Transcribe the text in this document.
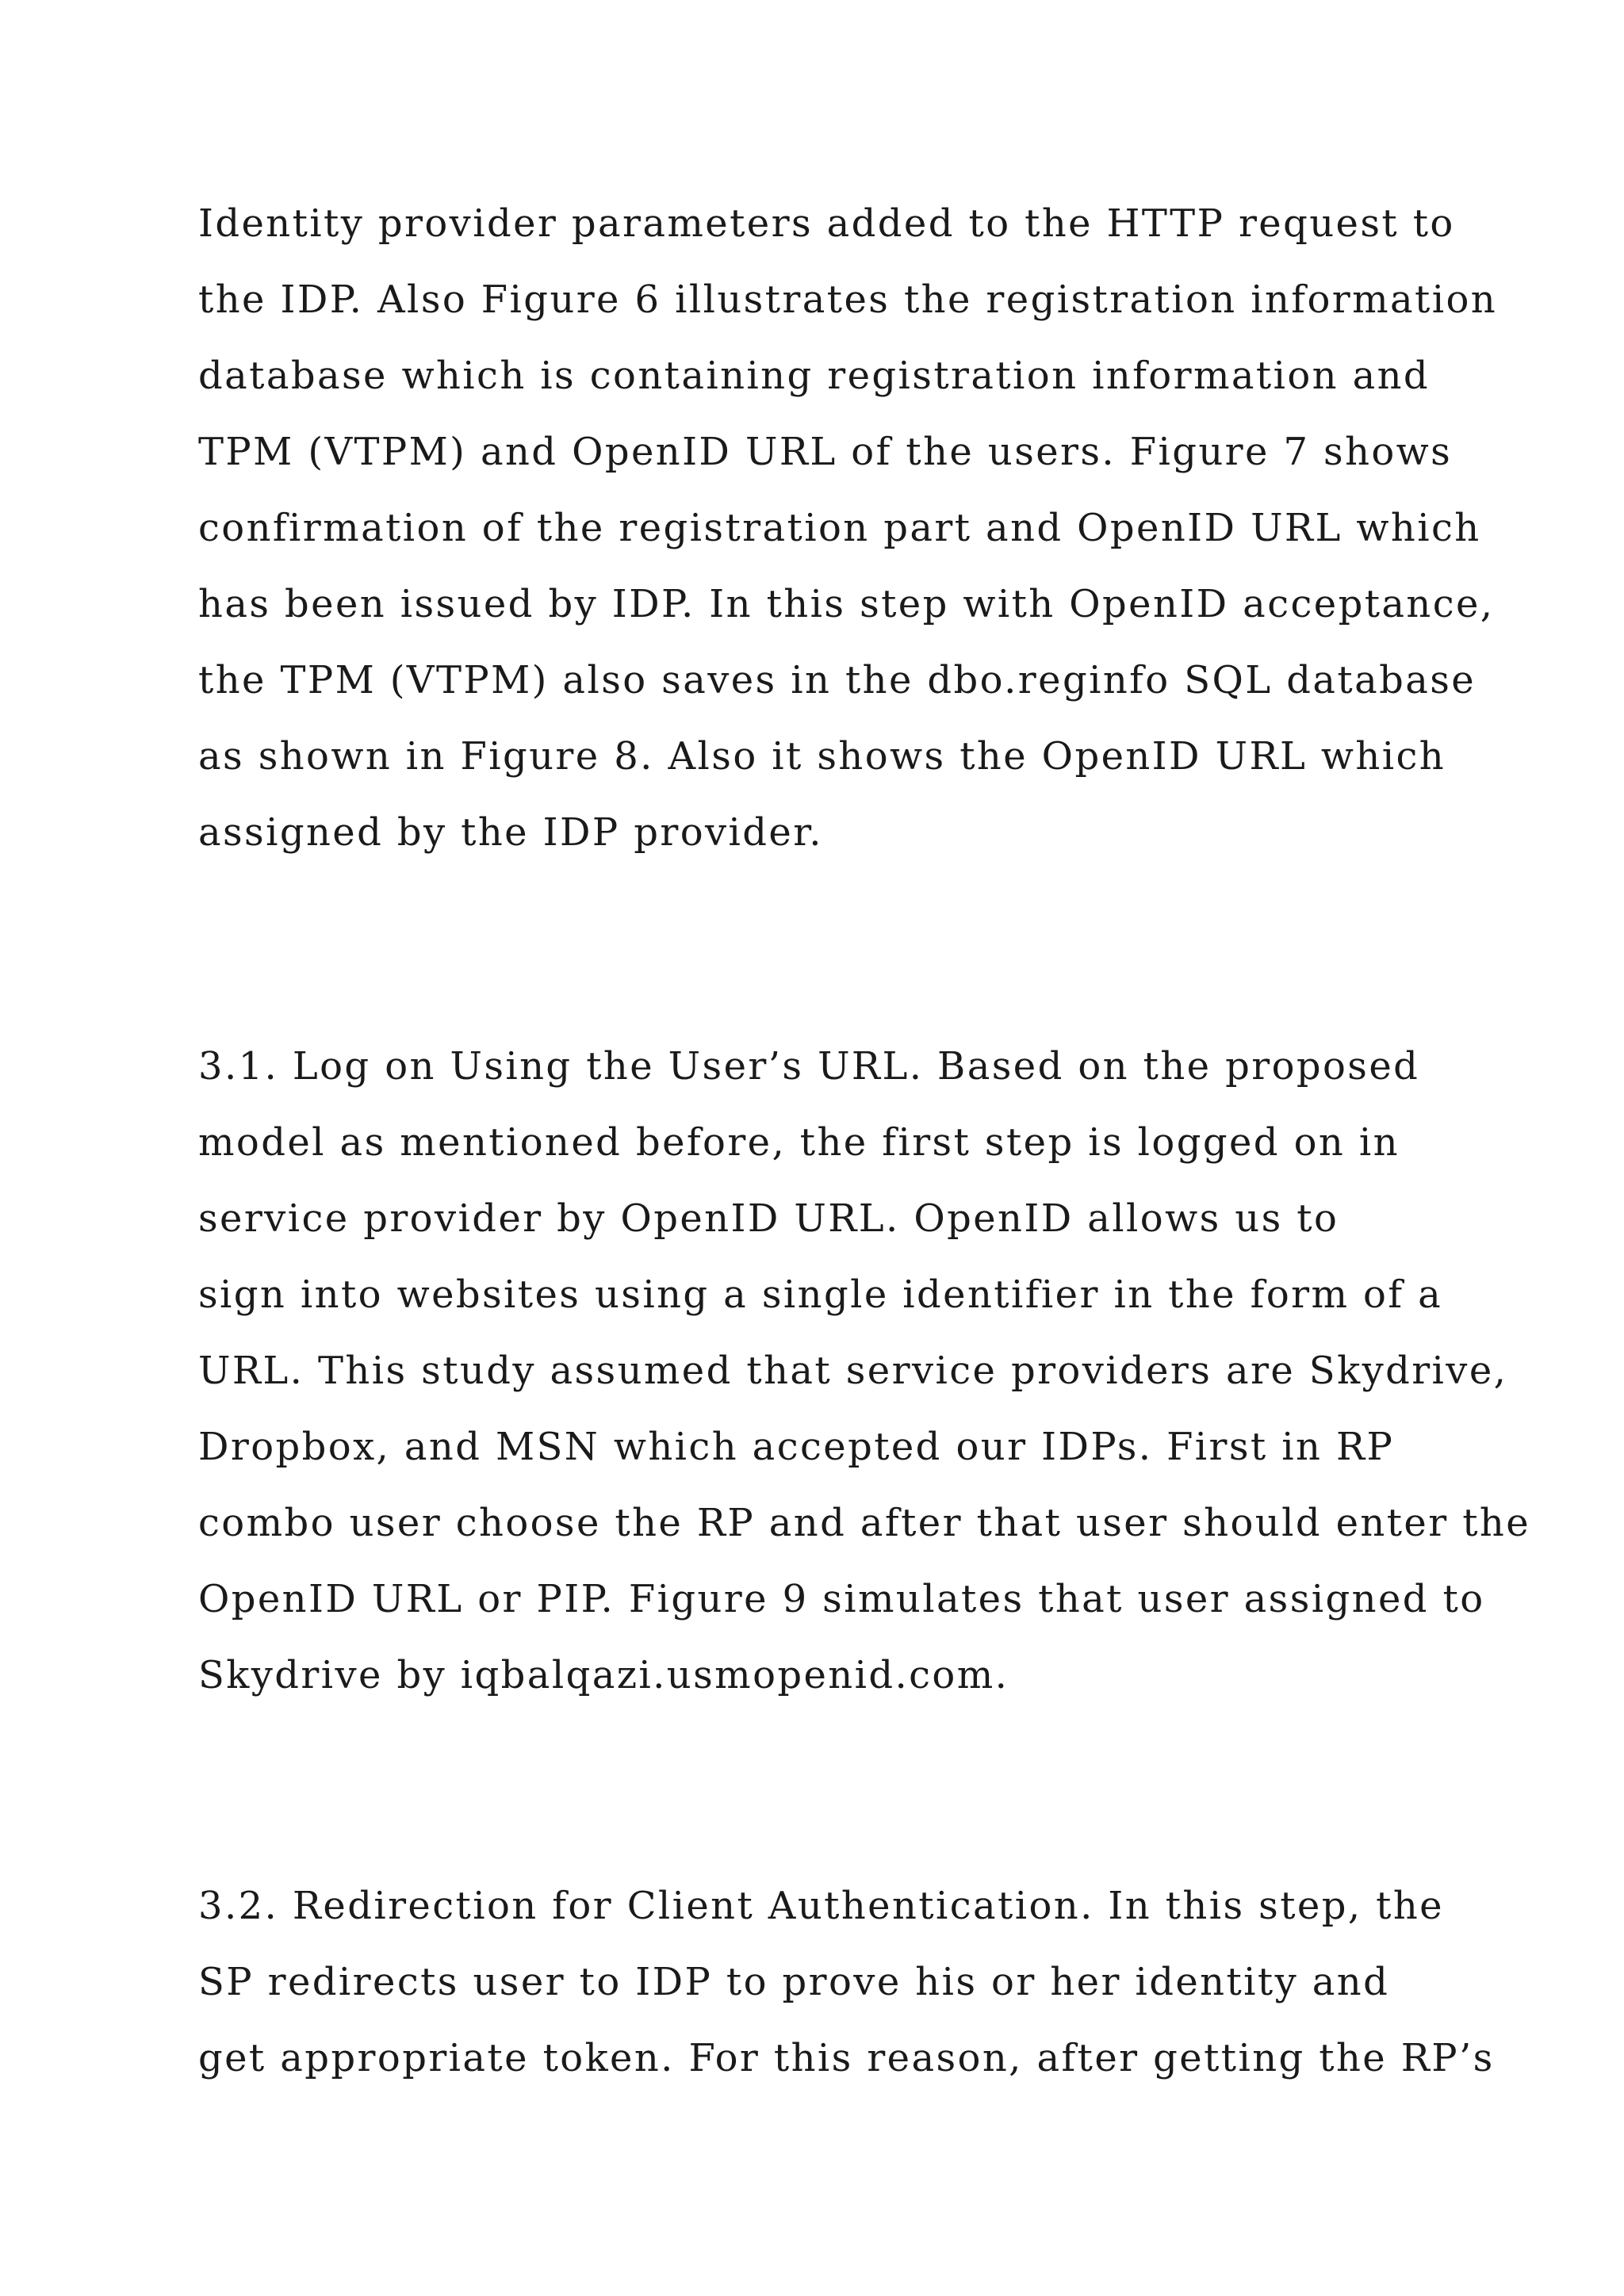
Identity provider parameters added to the HTTP request to
the IDP. Also Figure 6 illustrates the registration information
database which is containing registration information and
TPM (VTPM) and OpenID URL of the users. Figure 7 shows
confirmation of the registration part and OpenID URL which
has been issued by IDP. In this step with OpenID acceptance,
the TPM (VTPM) also saves in the dbo.reginfo SQL database
as shown in Figure 8. Also it shows the OpenID URL which
assigned by the IDP provider.
3.1. Log on Using the User’s URL. Based on the proposed
model as mentioned before, the first step is logged on in
service provider by OpenID URL. OpenID allows us to
sign into websites using a single identifier in the form of a
URL. This study assumed that service providers are Skydrive,
Dropbox, and MSN which accepted our IDPs. First in RP
combo user choose the RP and after that user should enter the
OpenID URL or PIP. Figure 9 simulates that user assigned to
Skydrive by iqbalqazi.usmopenid.com.
3.2. Redirection for Client Authentication. In this step, the
SP redirects user to IDP to prove his or her identity and
get appropriate token. For this reason, after getting the RP’s
